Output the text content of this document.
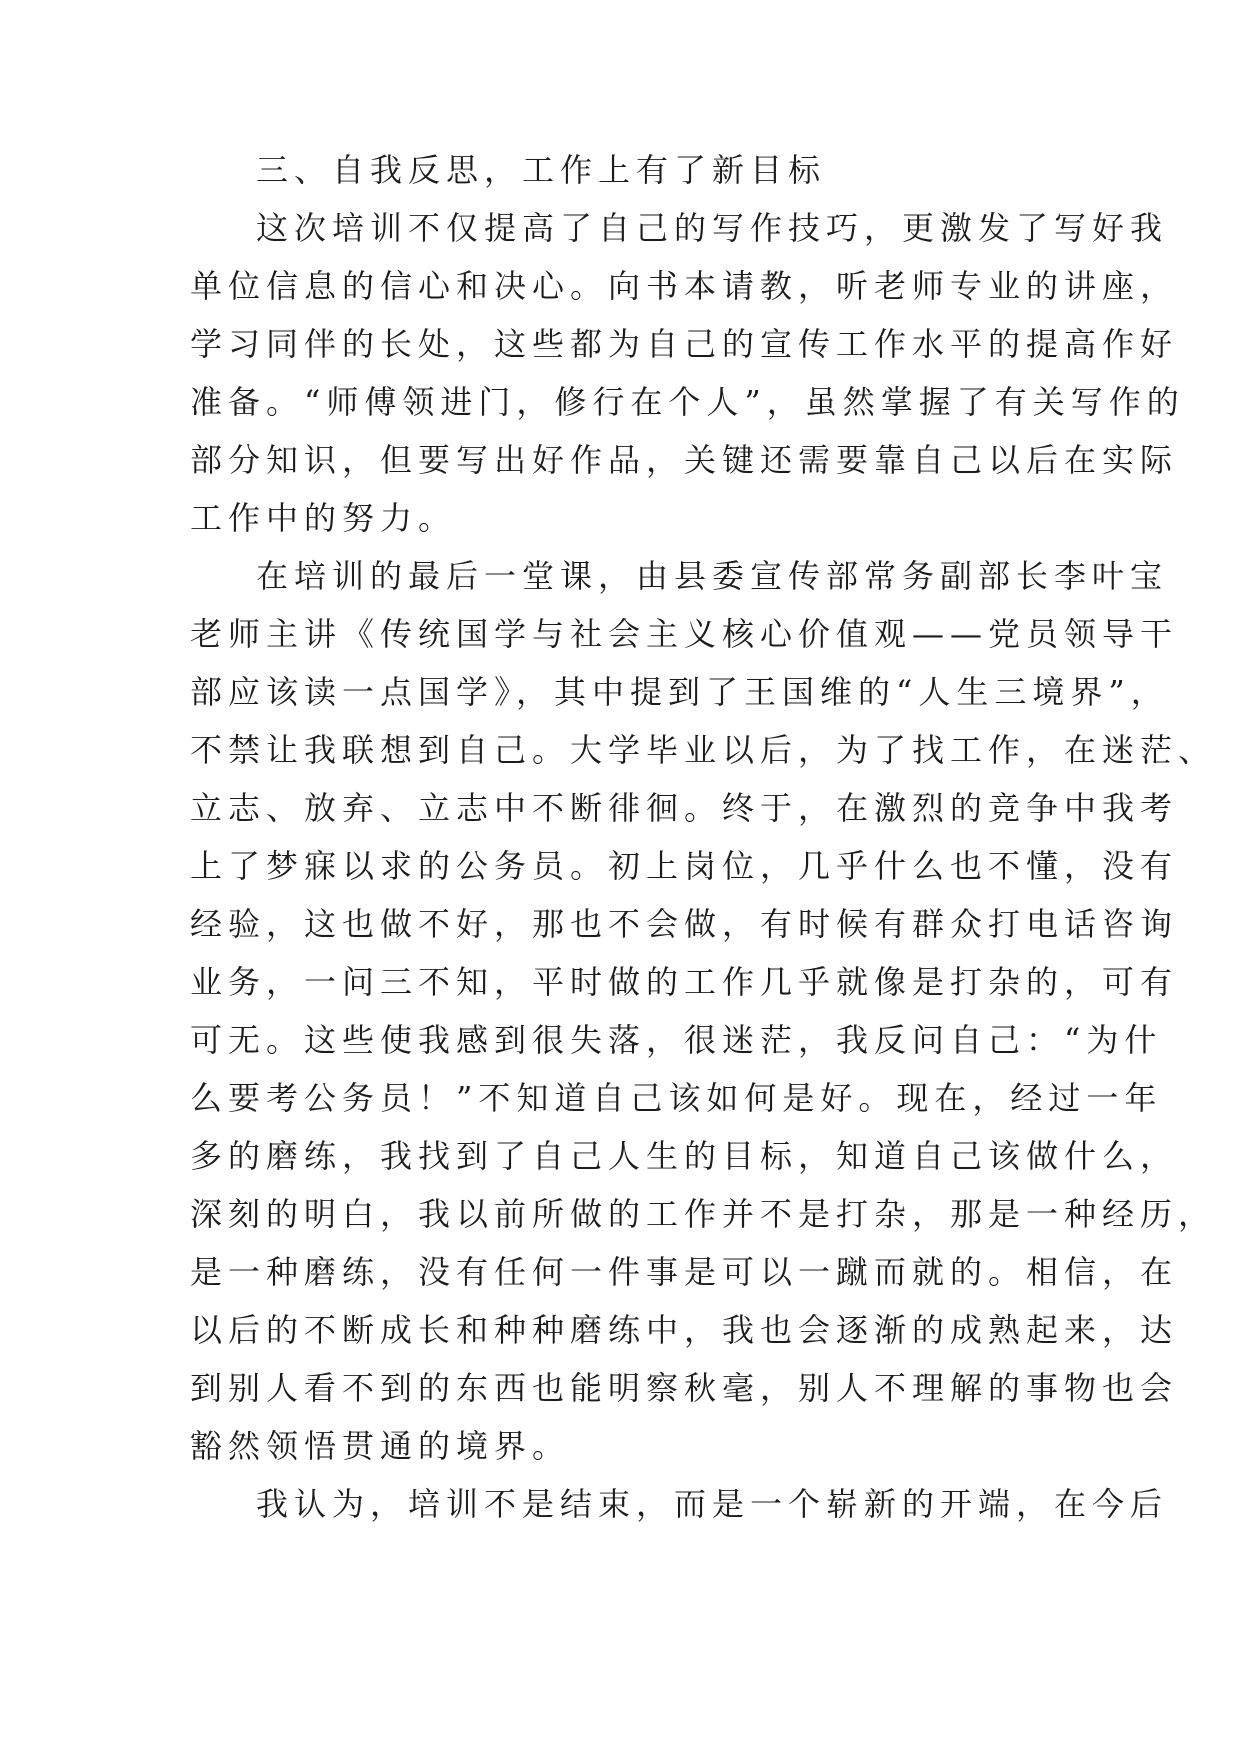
三、自我反思，工作上有了新目标

这次培训不仅提高了自己的写作技巧，更激发了写好我

单位信息的信心和决心。向书本请教，听老师专业的讲座，

学习同伴的长处，这些都为自己的宣传工作水平的提高作好

准备。“师傅领进门，修行在个人”，虽然掌握了有关写作的

部分知识，但要写出好作品，关键还需要靠自己以后在实际

工作中的努力。

在培训的最后一堂课，由县委宣传部常务副部长李叶宝

老师主讲《传统国学与社会主义核心价值观——党员领导干

部应该读一点国学》，其中提到了王国维的“人生三境界”，

不禁让我联想到自己。大学毕业以后，为了找工作，在迷茫、

立志、放弃、立志中不断徘徊。终于，在激烈的竞争中我考

上了梦寐以求的公务员。初上岗位，几乎什么也不懂，没有

经验，这也做不好，那也不会做，有时候有群众打电话咨询

业务，一问三不知，平时做的工作几乎就像是打杂的，可有

可无。这些使我感到很失落，很迷茫，我反问自己：“为什

么要考公务员！”不知道自己该如何是好。现在，经过一年

多的磨练，我找到了自己人生的目标，知道自己该做什么，

深刻的明白，我以前所做的工作并不是打杂，那是一种经历，

是一种磨练，没有任何一件事是可以一蹴而就的。相信，在

以后的不断成长和种种磨练中，我也会逐渐的成熟起来，达

到别人看不到的东西也能明察秋毫，别人不理解的事物也会

豁然领悟贯通的境界。

我认为，培训不是结束，而是一个崭新的开端，在今后
